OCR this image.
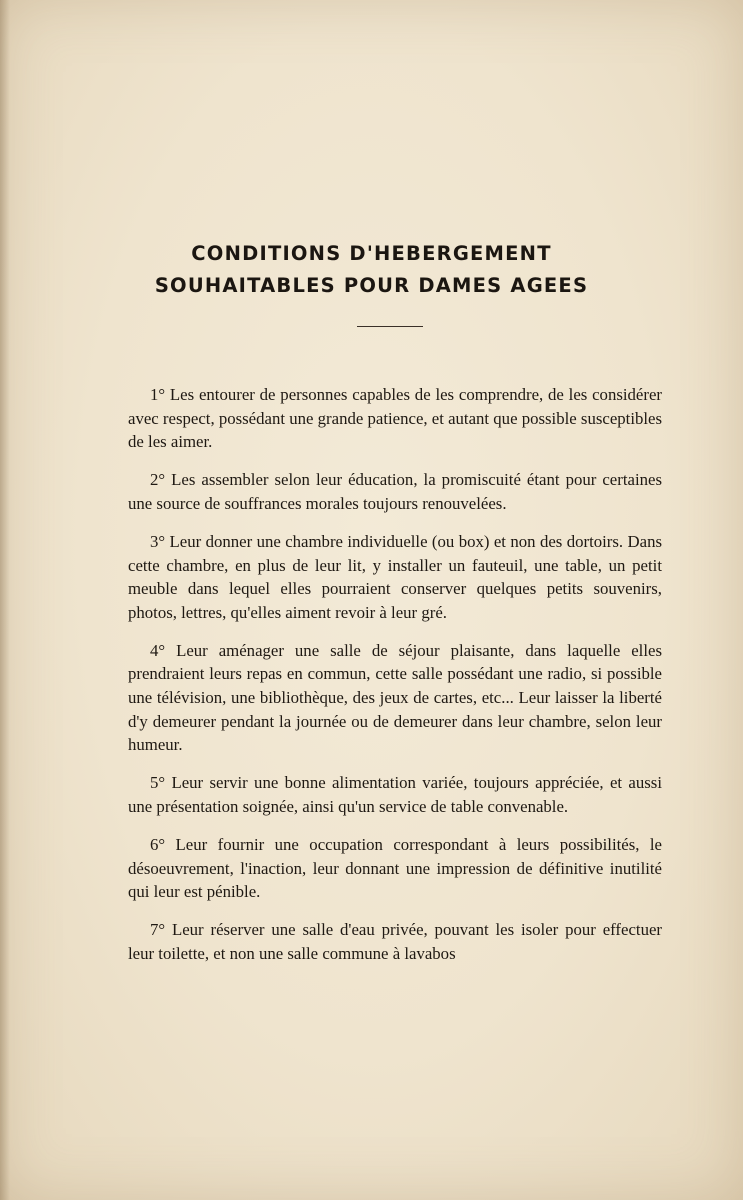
CONDITIONS D'HEBERGEMENT
SOUHAITABLES POUR DAMES AGEES

1° Les entourer de personnes capables de les comprendre, de les considérer avec respect, possédant une grande patience, et autant que possible susceptibles de les aimer.

2° Les assembler selon leur éducation, la promiscuité étant pour certaines une source de souffrances morales toujours renouvelées.

3° Leur donner une chambre individuelle (ou box) et non des dortoirs. Dans cette chambre, en plus de leur lit, y installer un fauteuil, une table, un petit meuble dans lequel elles pourraient conserver quelques petits souvenirs, photos, lettres, qu'elles aiment revoir à leur gré.

4° Leur aménager une salle de séjour plaisante, dans laquelle elles prendraient leurs repas en commun, cette salle possédant une radio, si possible une télévision, une bibliothèque, des jeux de cartes, etc... Leur laisser la liberté d'y demeurer pendant la journée ou de demeurer dans leur chambre, selon leur humeur.

5° Leur servir une bonne alimentation variée, toujours appréciée, et aussi une présentation soignée, ainsi qu'un service de table convenable.

6° Leur fournir une occupation correspondant à leurs possibilités, le désoeuvrement, l'inaction, leur donnant une impression de définitive inutilité qui leur est pénible.

7° Leur réserver une salle d'eau privée, pouvant les isoler pour effectuer leur toilette, et non une salle commune à lavabos
